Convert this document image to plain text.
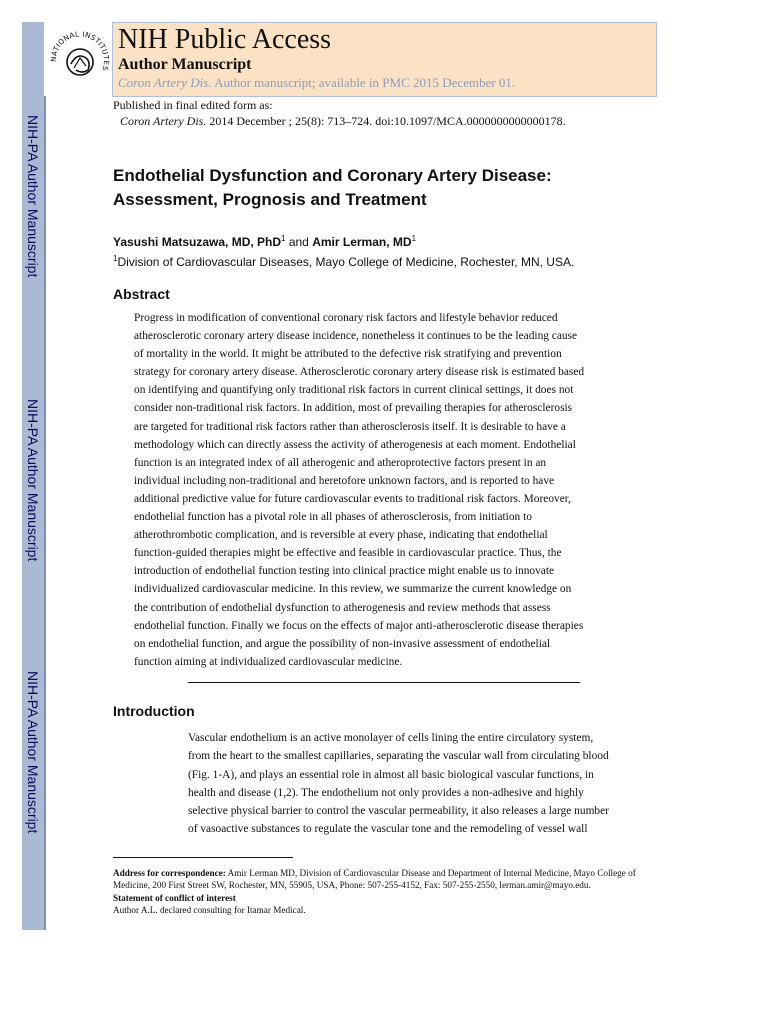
NIH-PA Author Manuscript
NIH-PA Author Manuscript
NIH-PA Author Manuscript
NATIONAL INSTITUTES
NIH Public Access
Author Manuscript
Coron Artery Dis. Author manuscript; available in PMC 2015 December 01.
Published in final edited form as:
Coron Artery Dis. 2014 December ; 25(8): 713–724. doi:10.1097/MCA.0000000000000178.
Endothelial Dysfunction and Coronary Artery Disease: Assessment, Prognosis and Treatment
Yasushi Matsuzawa, MD, PhD$^1$ and Amir Lerman, $MD^1$
$^1$Division of Cardiovascular Diseases, Mayo College of Medicine, Rochester, MN, USA.
Abstract
Progress in modification of conventional coronary risk factors and lifestyle behavior reduced
atherosclerotic coronary artery disease incidence, nonetheless it continues to be the leading cause
of mortality in the world. It might be attributed to the defective risk stratifying and prevention
strategy for coronary artery disease. Atherosclerotic coronary artery disease risk is estimated based
on identifying and quantifying only traditional risk factors in current clinical settings, it does not
consider non-traditional risk factors. In addition, most of prevailing therapies for atherosclerosis
are targeted for traditional risk factors rather than atherosclerosis itself. It is desirable to have a
methodology which can directly assess the activity of atherogenesis at each moment. Endothelial
function is an integrated index of all atherogenic and atheroprotective factors present in an
individual including non-traditional and heretofore unknown factors, and is reported to have
additional predictive value for future cardiovascular events to traditional risk factors. Moreover,
endothelial function has a pivotal role in all phases of atherosclerosis, from initiation to
atherothrombotic complication, and is reversible at every phase, indicating that endothelial
function-guided therapies might be effective and feasible in cardiovascular practice. Thus, the
introduction of endothelial function testing into clinical practice might enable us to innovate
individualized cardiovascular medicine. In this review, we summarize the current knowledge on
the contribution of endothelial dysfunction to atherogenesis and review methods that assess
endothelial function. Finally we focus on the effects of major anti-atherosclerotic disease therapies
on endothelial function, and argue the possibility of non-invasive assessment of endothelial
function aiming at individualized cardiovascular medicine.
Introduction
Vascular endothelium is an active monolayer of cells lining the entire circulatory system,
from the heart to the smallest capillaries, separating the vascular wall from circulating blood
(Fig. 1-A), and plays an essential role in almost all basic biological vascular functions, in
health and disease (1,2). The endothelium not only provides a non-adhesive and highly
selective physical barrier to control the vascular permeability, it also releases a large number
of vasoactive substances to regulate the vascular tone and the remodeling of vessel wall
Address for correspondence: Amir Lerman MD, Division of Cardiovascular Disease and Department of Internal Medicine, Mayo College of Medicine, 200 First Street SW, Rochester, MN, 55905, USA, Phone: 507-255-4152, Fax: 507-255-2550, lerman.amir@mayo.edu.
Statement of conflict of interest
Author A.L. declared consulting for Itamar Medical.
